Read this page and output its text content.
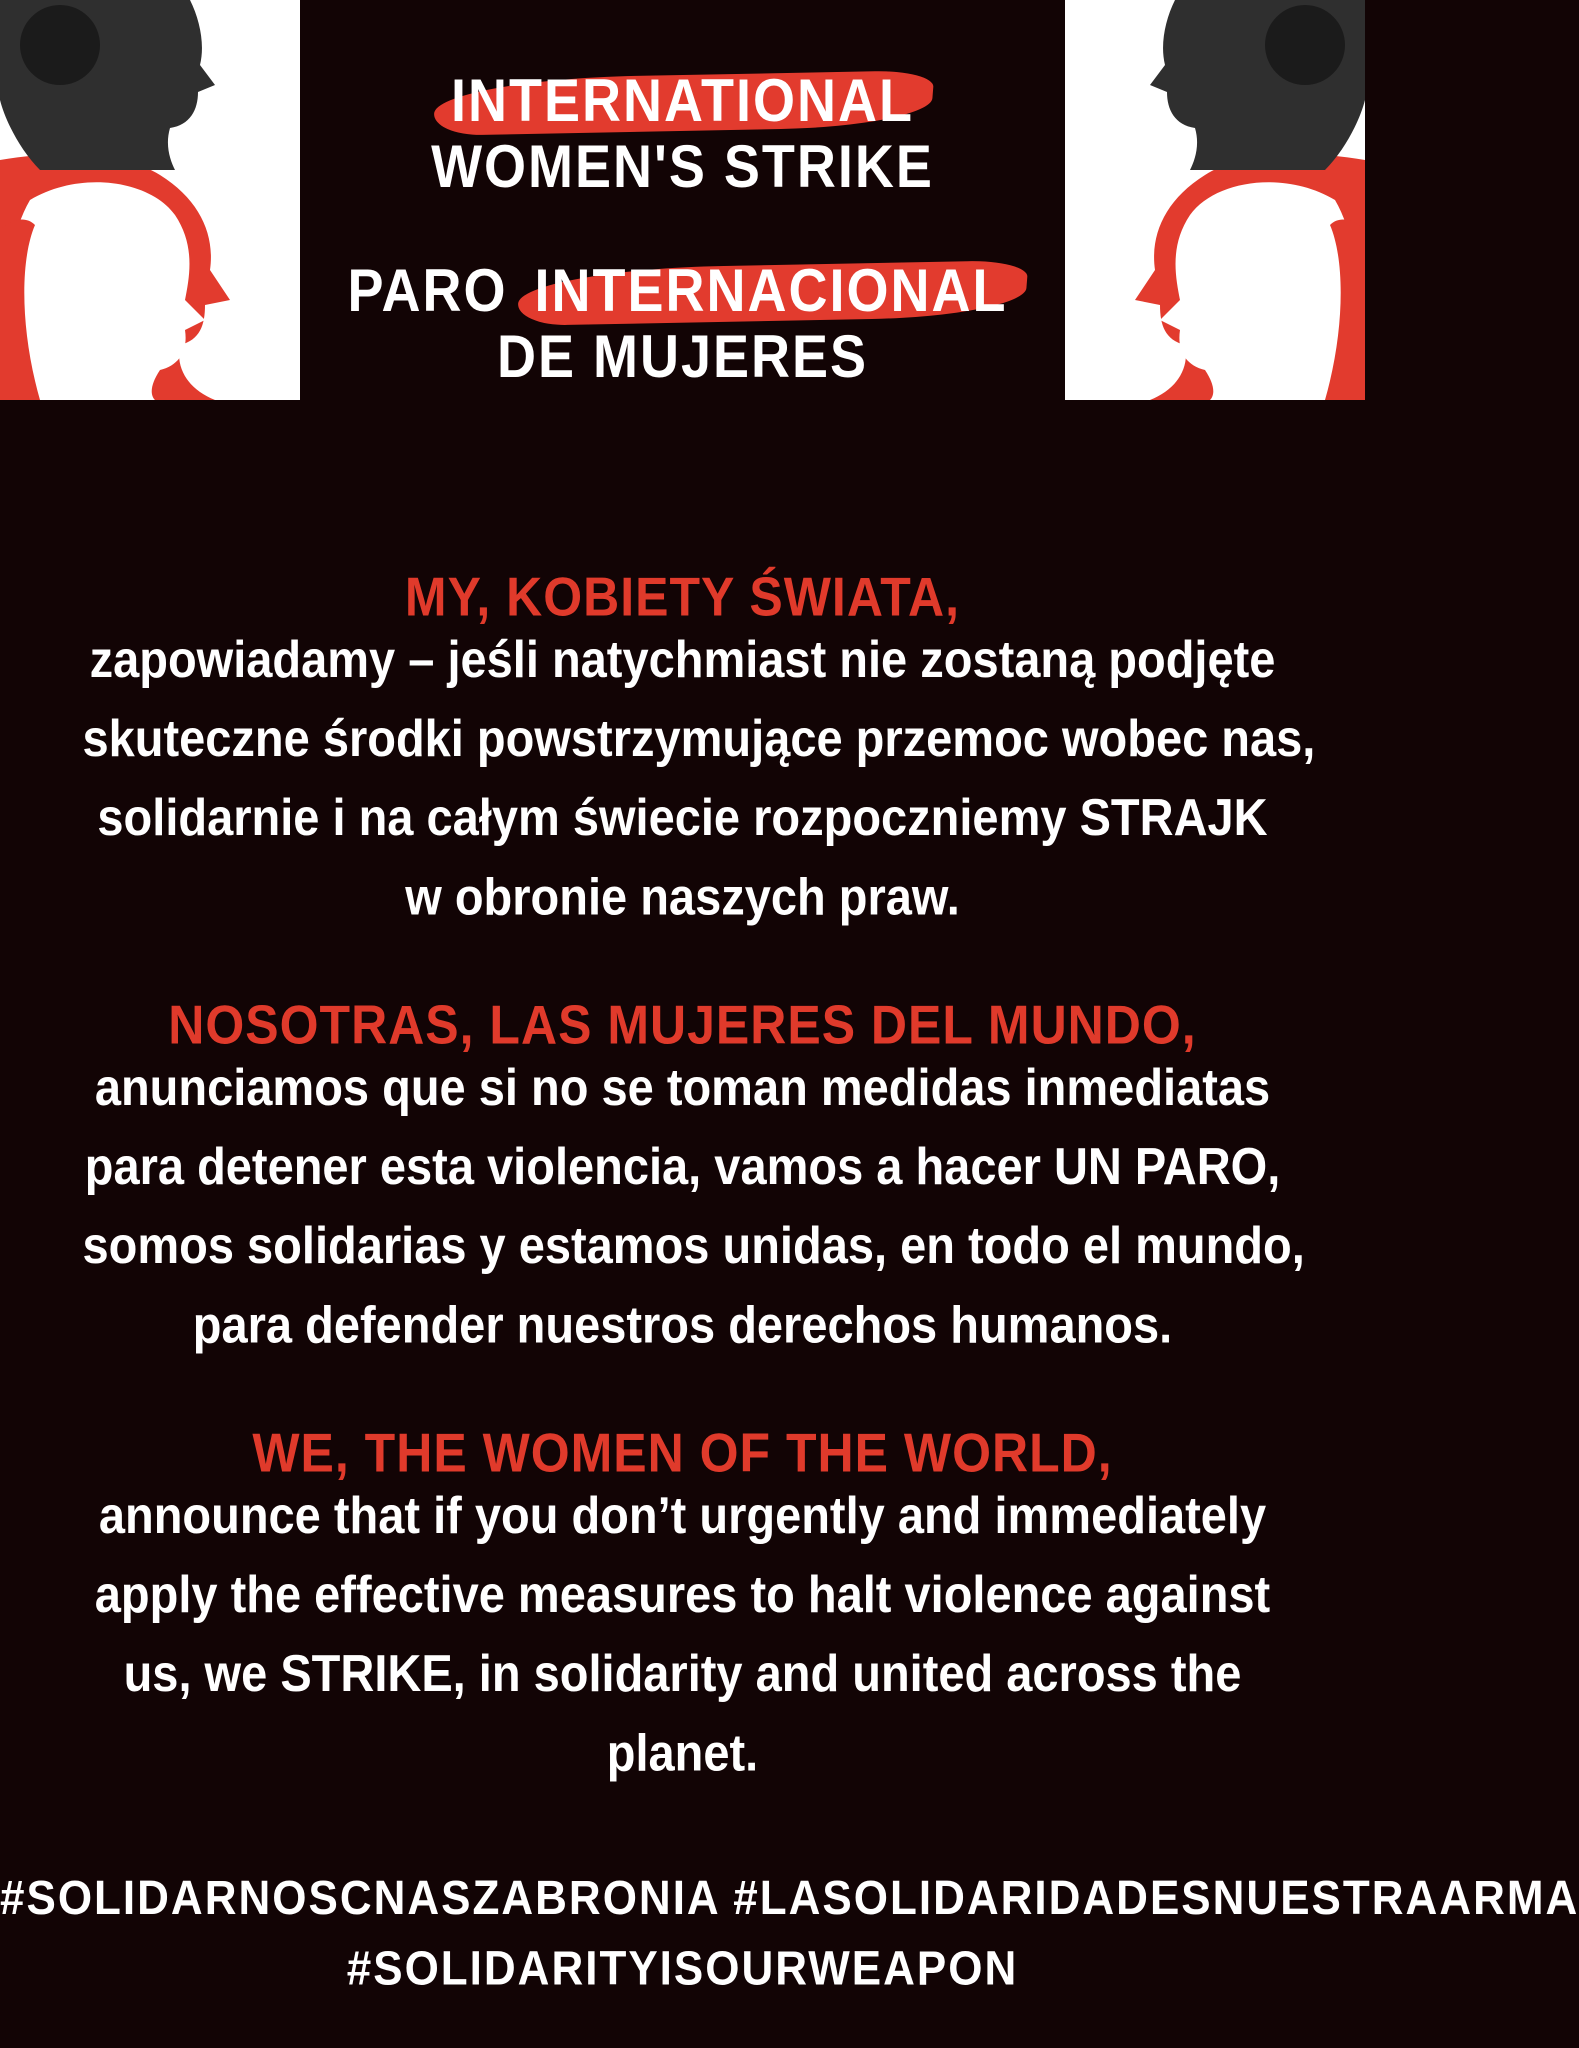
INTERNATIONAL
WOMEN'S STRIKE
PARO INTERNACIONAL
DE MUJERES
MY, KOBIETY ŚWIATA,
zapowiadamy – jeśli natychmiast nie zostaną podjęte
skuteczne środki powstrzymujące przemoc wobec nas,
solidarnie i na całym świecie rozpoczniemy STRAJK
w obronie naszych praw.
NOSOTRAS, LAS MUJERES DEL MUNDO,
anunciamos que si no se toman medidas inmediatas
para detener esta violencia, vamos a hacer UN PARO,
somos solidarias y estamos unidas, en todo el mundo,
para defender nuestros derechos humanos.
WE, THE WOMEN OF THE WORLD,
announce that if you don’t urgently and immediately
apply the effective measures to halt violence against
us, we STRIKE, in solidarity and united across the
planet.
#SOLIDARNOSCNASZABRONIA #LASOLIDARIDADESNUESTRAARMA
#SOLIDARITYISOURWEAPON
